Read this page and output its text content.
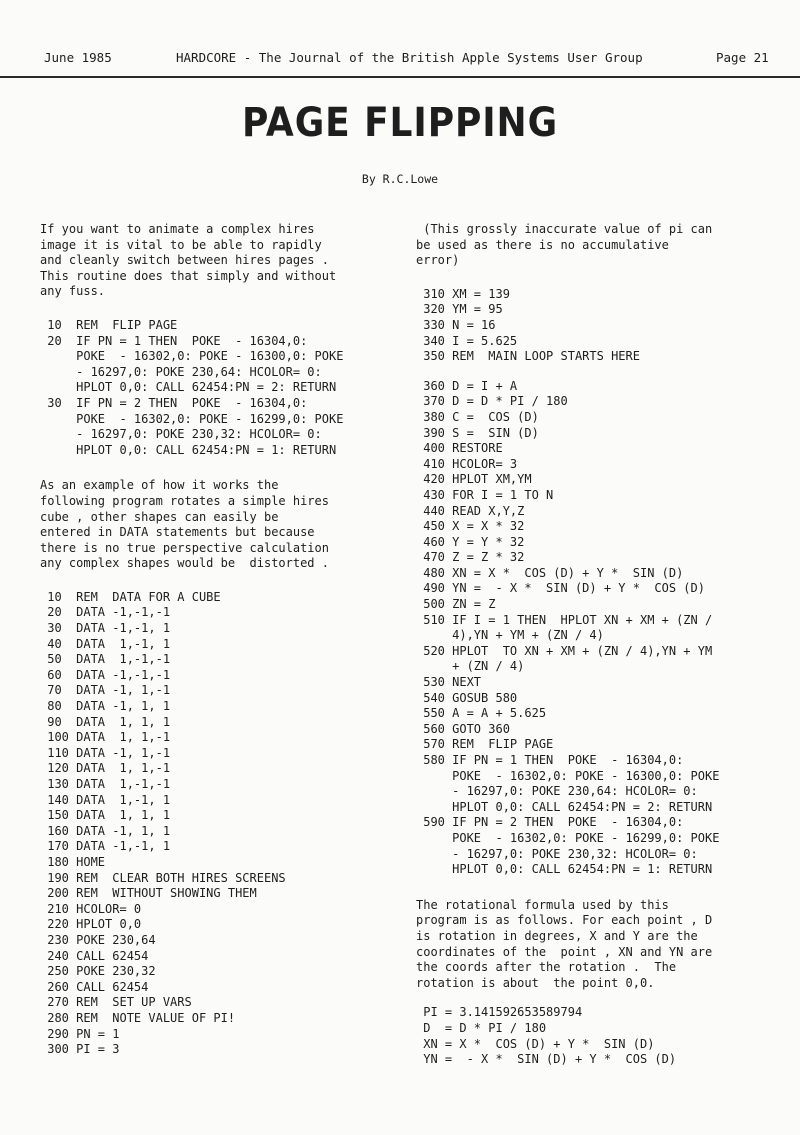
June 1985	HARDCORE - The Journal of the British Apple Systems User Group	Page 21
PAGE FLIPPING
By R.C.Lowe

If you want to animate a complex hires

image it is vital to be able to rapidly

and cleanly switch between hires pages .

This routine does that simply and without

any fuss.

10  REM  FLIP PAGE
20  IF PN = 1 THEN  POKE  - 16304,0:
POKE  - 16302,0: POKE - 16300,0: POKE
- 16297,0: POKE 230,64: HCOLOR= 0:
HPLOT 0,0: CALL 62454:PN = 2: RETURN
30  IF PN = 2 THEN  POKE  - 16304,0:
POKE  - 16302,0: POKE - 16299,0: POKE
- 16297,0: POKE 230,32: HCOLOR= 0:
HPLOT 0,0: CALL 62454:PN = 1: RETURN

As an example of how it works the

following program rotates a simple hires

cube , other shapes can easily be

entered in DATA statements but because

there is no true perspective calculation

any complex shapes would be  distorted .

10  REM  DATA FOR A CUBE
20  DATA -1,-1,-1
30  DATA -1,-1, 1
40  DATA  1,-1, 1
50  DATA  1,-1,-1
60  DATA -1,-1,-1
70  DATA -1, 1,-1
80  DATA -1, 1, 1
90  DATA  1, 1, 1
100 DATA  1, 1,-1
110 DATA -1, 1,-1
120 DATA  1, 1,-1
130 DATA  1,-1,-1
140 DATA  1,-1, 1
150 DATA  1, 1, 1
160 DATA -1, 1, 1
170 DATA -1,-1, 1
180 HOME
190 REM  CLEAR BOTH HIRES SCREENS
200 REM  WITHOUT SHOWING THEM
210 HCOLOR= 0
220 HPLOT 0,0
230 POKE 230,64
240 CALL 62454
250 POKE 230,32
260 CALL 62454
270 REM  SET UP VARS
280 REM  NOTE VALUE OF PI!
290 PN = 1
300 PI = 3

(This grossly inaccurate value of pi can

be used as there is no accumulative

error)

310 XM = 139
320 YM = 95
330 N = 16
340 I = 5.625
350 REM  MAIN LOOP STARTS HERE
360 D = I + A
370 D = D * PI / 180
380 C =  COS (D)
390 S =  SIN (D)
400 RESTORE
410 HCOLOR= 3
420 HPLOT XM,YM
430 FOR I = 1 TO N
440 READ X,Y,Z
450 X = X * 32
460 Y = Y * 32
470 Z = Z * 32
480 XN = X *  COS (D) + Y *  SIN (D)
490 YN =  - X *  SIN (D) + Y *  COS (D)
500 ZN = Z
510 IF I = 1 THEN  HPLOT XN + XM + (ZN /
4),YN + YM + (ZN / 4)
520 HPLOT  TO XN + XM + (ZN / 4),YN + YM
+ (ZN / 4)
530 NEXT
540 GOSUB 580
550 A = A + 5.625
560 GOTO 360
570 REM  FLIP PAGE
580 IF PN = 1 THEN  POKE  - 16304,0:
POKE  - 16302,0: POKE - 16300,0: POKE
- 16297,0: POKE 230,64: HCOLOR= 0:
HPLOT 0,0: CALL 62454:PN = 2: RETURN
590 IF PN = 2 THEN  POKE  - 16304,0:
POKE  - 16302,0: POKE - 16299,0: POKE
- 16297,0: POKE 230,32: HCOLOR= 0:
HPLOT 0,0: CALL 62454:PN = 1: RETURN

The rotational formula used by this

program is as follows. For each point , D

is rotation in degrees, X and Y are the

coordinates of the  point , XN and YN are

the coords after the rotation .  The

rotation is about  the point 0,0.

PI = 3.141592653589794
D  = D * PI / 180
XN = X *  COS (D) + Y *  SIN (D)
YN =  - X *  SIN (D) + Y *  COS (D)
